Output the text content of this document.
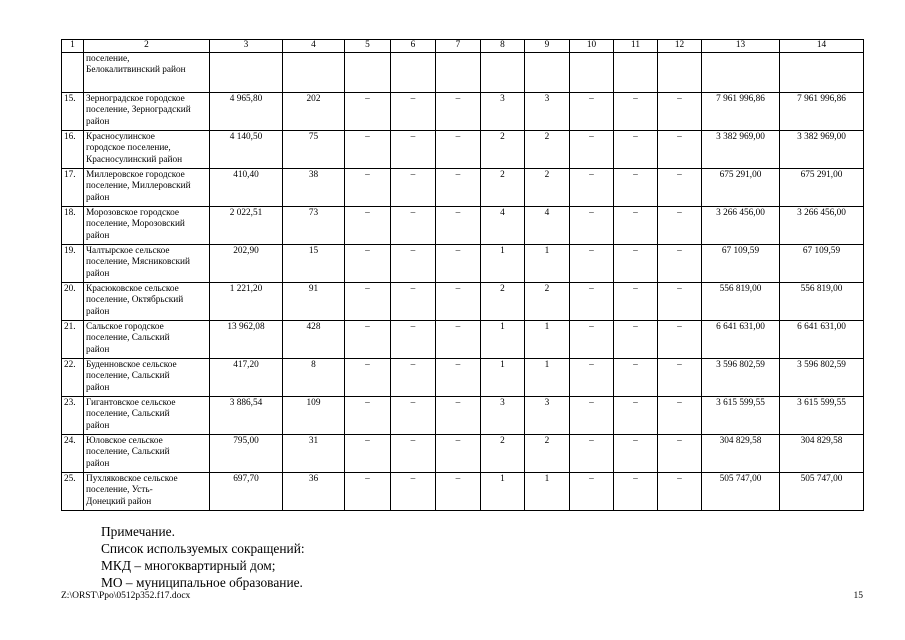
1	2	3	4	5	6	7	8	9	10	11	12	13	14
	поселение,
Белокалитвинский район												
15.	Зерноградское городское
поселение, Зерноградский
район	4 965,80	202	–	–	–	3	3	–	–	–	7 961 996,86	7 961 996,86
16.	Красносулинское
городское поселение,
Красносулинский район	4 140,50	75	–	–	–	2	2	–	–	–	3 382 969,00	3 382 969,00
17.	Миллеровское городское
поселение, Миллеровский
район	410,40	38	–	–	–	2	2	–	–	–	675 291,00	675 291,00
18.	Морозовское городское
поселение, Морозовский
район	2 022,51	73	–	–	–	4	4	–	–	–	3 266 456,00	3 266 456,00
19.	Чалтырское сельское
поселение, Мясниковский
район	202,90	15	–	–	–	1	1	–	–	–	67 109,59	67 109,59
20.	Красюковское сельское
поселение, Октябрьский
район	1 221,20	91	–	–	–	2	2	–	–	–	556 819,00	556 819,00
21.	Сальское городское
поселение, Сальский
район	13 962,08	428	–	–	–	1	1	–	–	–	6 641 631,00	6 641 631,00
22.	Буденновское сельское
поселение, Сальский
район	417,20	8	–	–	–	1	1	–	–	–	3 596 802,59	3 596 802,59
23.	Гигантовское сельское
поселение, Сальский
район	3 886,54	109	–	–	–	3	3	–	–	–	3 615 599,55	3 615 599,55
24.	Юловское сельское
поселение, Сальский
район	795,00	31	–	–	–	2	2	–	–	–	304 829,58	304 829,58
25.	Пухляковское сельское
поселение, Усть-
Донецкий район	697,70	36	–	–	–	1	1	–	–	–	505 747,00	505 747,00
Примечание.
Список используемых сокращений:
МКД – многоквартирный дом;
МО – муниципальное образование.
Z:\ORST\Ppo\0512p352.f17.docx	15
